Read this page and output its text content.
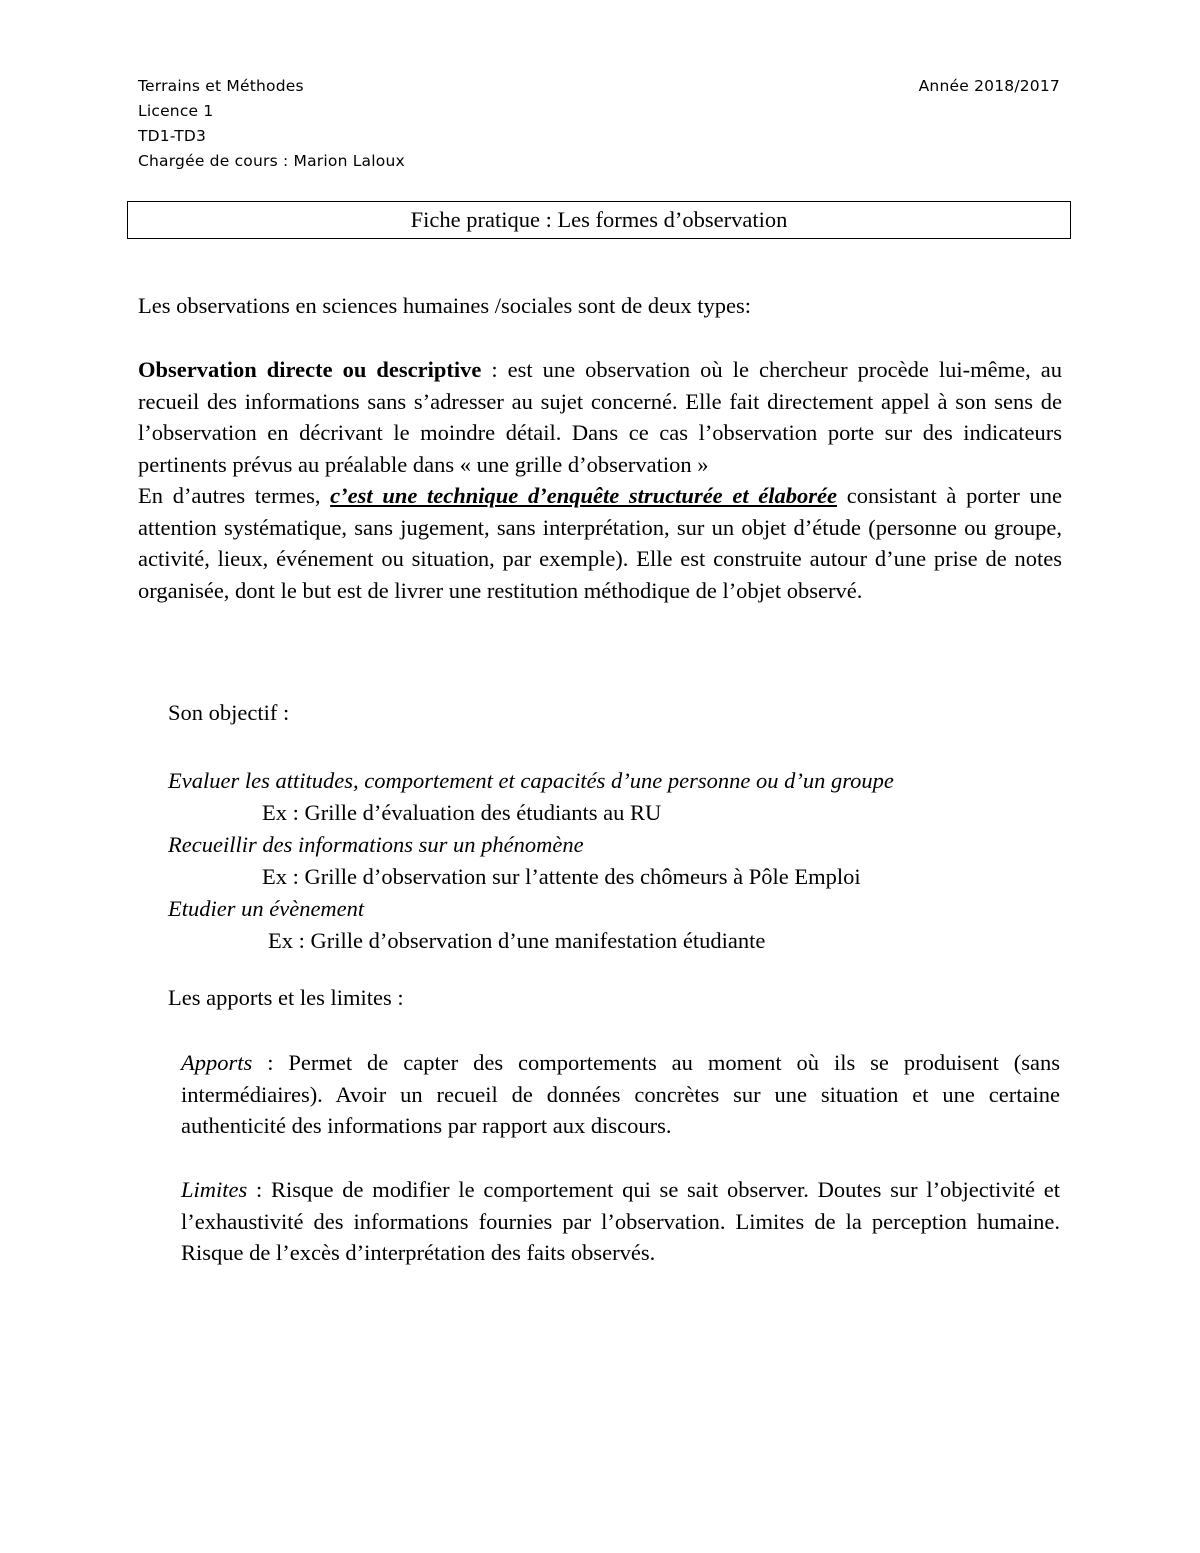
Terrains et Méthodes
Licence 1
TD1-TD3
Chargée de cours : Marion Laloux
Année 2018/2017
Fiche pratique : Les formes d’observation
Les observations en sciences humaines /sociales sont de deux types:

Observation directe ou descriptive : est une observation où le chercheur procède lui-même, au recueil des informations sans s’adresser au sujet concerné. Elle fait directement appel à son sens de l’observation en décrivant le moindre détail. Dans ce cas l’observation porte sur des indicateurs pertinents prévus au préalable dans « une grille d’observation »

En d’autres termes, c’est une technique d’enquête structurée et élaborée consistant à porter une attention systématique, sans jugement, sans interprétation, sur un objet d’étude (personne ou groupe, activité, lieux, événement ou situation, par exemple). Elle est construite autour d’une prise de notes organisée, dont le but est de livrer une restitution méthodique de l’objet observé.

Son objectif :
Evaluer les attitudes, comportement et capacités d’une personne ou d’un groupe
Ex : Grille d’évaluation des étudiants au RU
Recueillir des informations sur un phénomène
Ex : Grille d’observation sur l’attente des chômeurs à Pôle Emploi
Etudier un évènement
Ex : Grille d’observation d’une manifestation étudiante
Les apports et les limites :
Apports : Permet de capter des comportements au moment où ils se produisent (sans intermédiaires). Avoir un recueil de données concrètes sur une situation et une certaine authenticité des informations par rapport aux discours.
Limites : Risque de modifier le comportement qui se sait observer. Doutes sur l’objectivité et l’exhaustivité des informations fournies par l’observation. Limites de la perception humaine. Risque de l’excès d’interprétation des faits observés.
